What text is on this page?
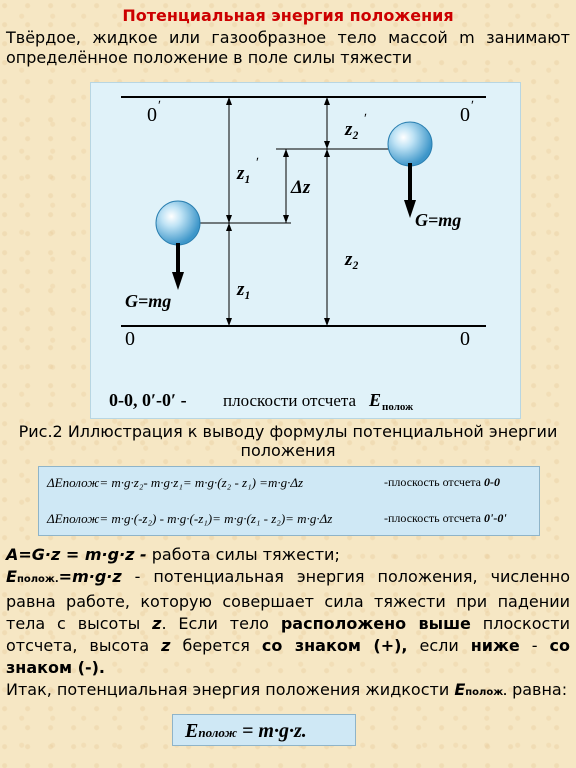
Потенциальная энергия положения
Твёрдое, жидкое или газообразное тело массой m занимают определённое положение в поле силы тяжести
0 ʹ	0 ʹ
0	0
z₂ ʹ
z₁ ʹ
Δz
z₂
z₁
G=mg
G=mg
0-0, 0ʹ-0ʹ - плоскости отсчета E полож
Рис.2 Иллюстрация к выводу формулы потенциальной энергии положения
ΔEполож= m·g·z₂- m·g·z₁= m·g·(z₂ - z₁) =m·g·Δz	-плоскость отсчета 0-0
ΔEполож= m·g·(-z₂) - m·g·(-z₁)= m·g·(z₁ - z₂)= m·g·Δz	-плоскость отсчета 0ʹ-0ʹ

A=G·z = m·g·z - работа силы тяжести;

Eполож.=m·g·z - потенциальная энергия положения, численно равна работе, которую совершает сила тяжести при падении тела с высоты z. Если тело расположено выше плоскости отсчета, высота z берется со знаком (+), если ниже - со знаком (-).

Итак, потенциальная энергия положения жидкости Eполож. равна:

Eполож = m·g·z.
